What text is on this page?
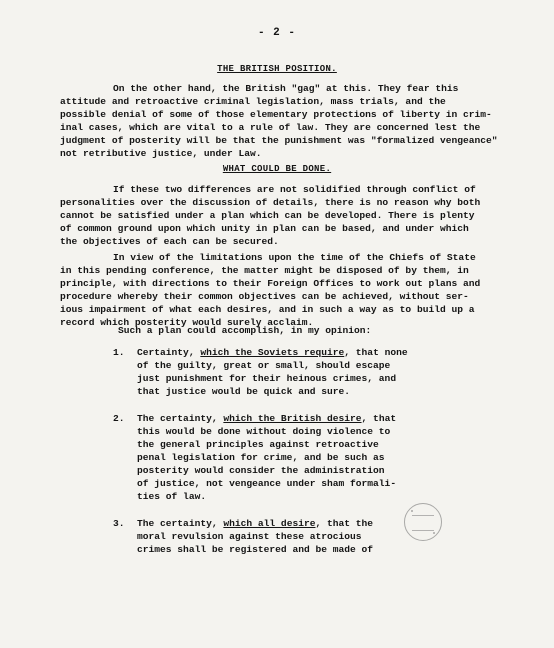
- 2 -
THE BRITISH POSITION.
On the other hand, the British "gag" at this. They fear this
attitude and retroactive criminal legislation, mass trials, and the
possible denial of some of those elementary protections of liberty in crim-
inal cases, which are vital to a rule of law. They are concerned lest the
judgment of posterity will be that the punishment was "formalized vengeance"
not retributive justice, under Law.
WHAT COULD BE DONE.
If these two differences are not solidified through conflict of
personalities over the discussion of details, there is no reason why both
cannot be satisfied under a plan which can be developed. There is plenty
of common ground upon which unity in plan can be based, and under which
the objectives of each can be secured.
In view of the limitations upon the time of the Chiefs of State
in this pending conference, the matter might be disposed of by them, in
principle, with directions to their Foreign Offices to work out plans and
procedure whereby their common objectives can be achieved, without ser-
ious impairment of what each desires, and in such a way as to build up a
record which posterity would surely acclaim.
Such a plan could accomplish, in my opinion:
1. Certainty, which the Soviets require, that none
of the guilty, great or small, should escape
just punishment for their heinous crimes, and
that justice would be quick and sure.
2. The certainty, which the British desire, that
this would be done without doing violence to
the general principles against retroactive
penal legislation for crime, and be such as
posterity would consider the administration
of justice, not vengeance under sham formali-
ties of law.
3. The certainty, which all desire, that the
moral revulsion against these atrocious
crimes shall be registered and be made of
